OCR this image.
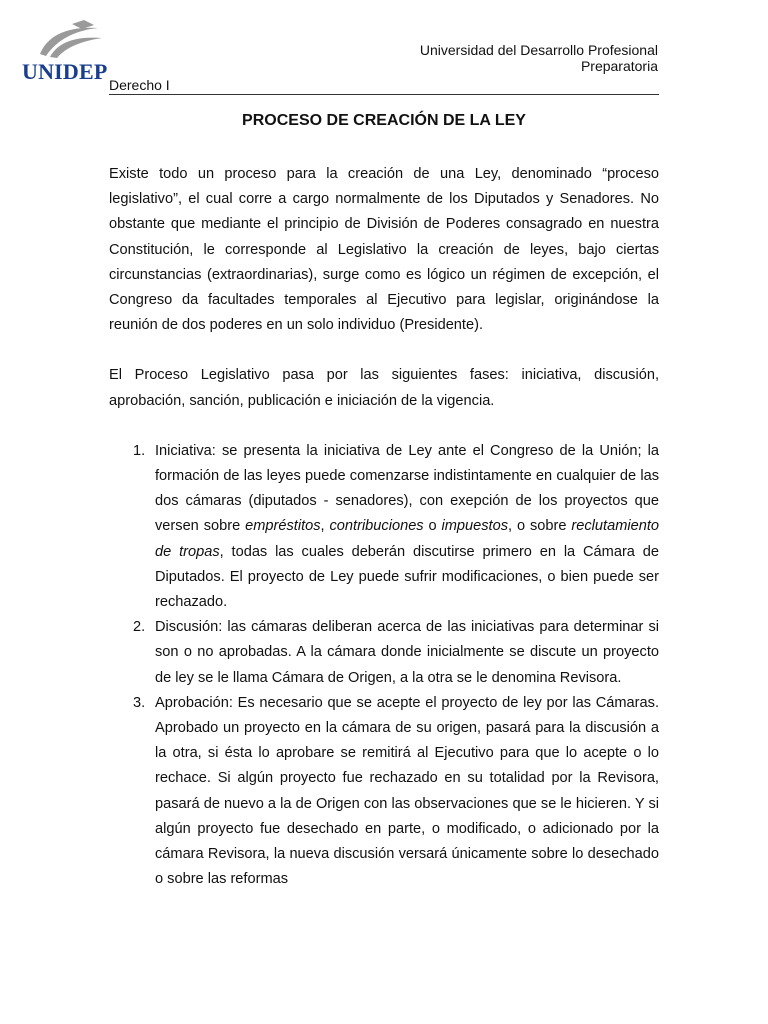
UNIDEP
Universidad del Desarrollo Profesional
Preparatoria
Derecho I
PROCESO DE CREACIÓN DE LA LEY

Existe todo un proceso para la creación de una Ley, denominado “proceso legislativo”, el cual corre a cargo normalmente de los Diputados y Senadores. No obstante que mediante el principio de División de Poderes consagrado en nuestra Constitución, le corresponde al Legislativo la creación de leyes, bajo ciertas circunstancias (extraordinarias), surge como es lógico un régimen de excepción, el Congreso da facultades temporales al Ejecutivo para legislar, originándose la reunión de dos poderes en un solo individuo (Presidente).

El Proceso Legislativo pasa por las siguientes fases: iniciativa, discusión, aprobación, sanción, publicación e iniciación de la vigencia.

1. Iniciativa: se presenta la iniciativa de Ley ante el Congreso de la Unión; la formación de las leyes puede comenzarse indistintamente en cualquier de las dos cámaras (diputados - senadores), con exepción de los proyectos que versen sobre empréstitos, contribuciones o impuestos, o sobre reclutamiento de tropas, todas las cuales deberán discutirse primero en la Cámara de Diputados. El proyecto de Ley puede sufrir modificaciones, o bien puede ser rechazado.
2. Discusión: las cámaras deliberan acerca de las iniciativas para determinar si son o no aprobadas. A la cámara donde inicialmente se discute un proyecto de ley se le llama Cámara de Origen, a la otra se le denomina Revisora.
3. Aprobación: Es necesario que se acepte el proyecto de ley por las Cámaras. Aprobado un proyecto en la cámara de su origen, pasará para la discusión a la otra, si ésta lo aprobare se remitirá al Ejecutivo para que lo acepte o lo rechace. Si algún proyecto fue rechazado en su totalidad por la Revisora, pasará de nuevo a la de Origen con las observaciones que se le hicieren. Y si algún proyecto fue desechado en parte, o modificado, o adicionado por la cámara Revisora, la nueva discusión versará únicamente sobre lo desechado o sobre las reformas
